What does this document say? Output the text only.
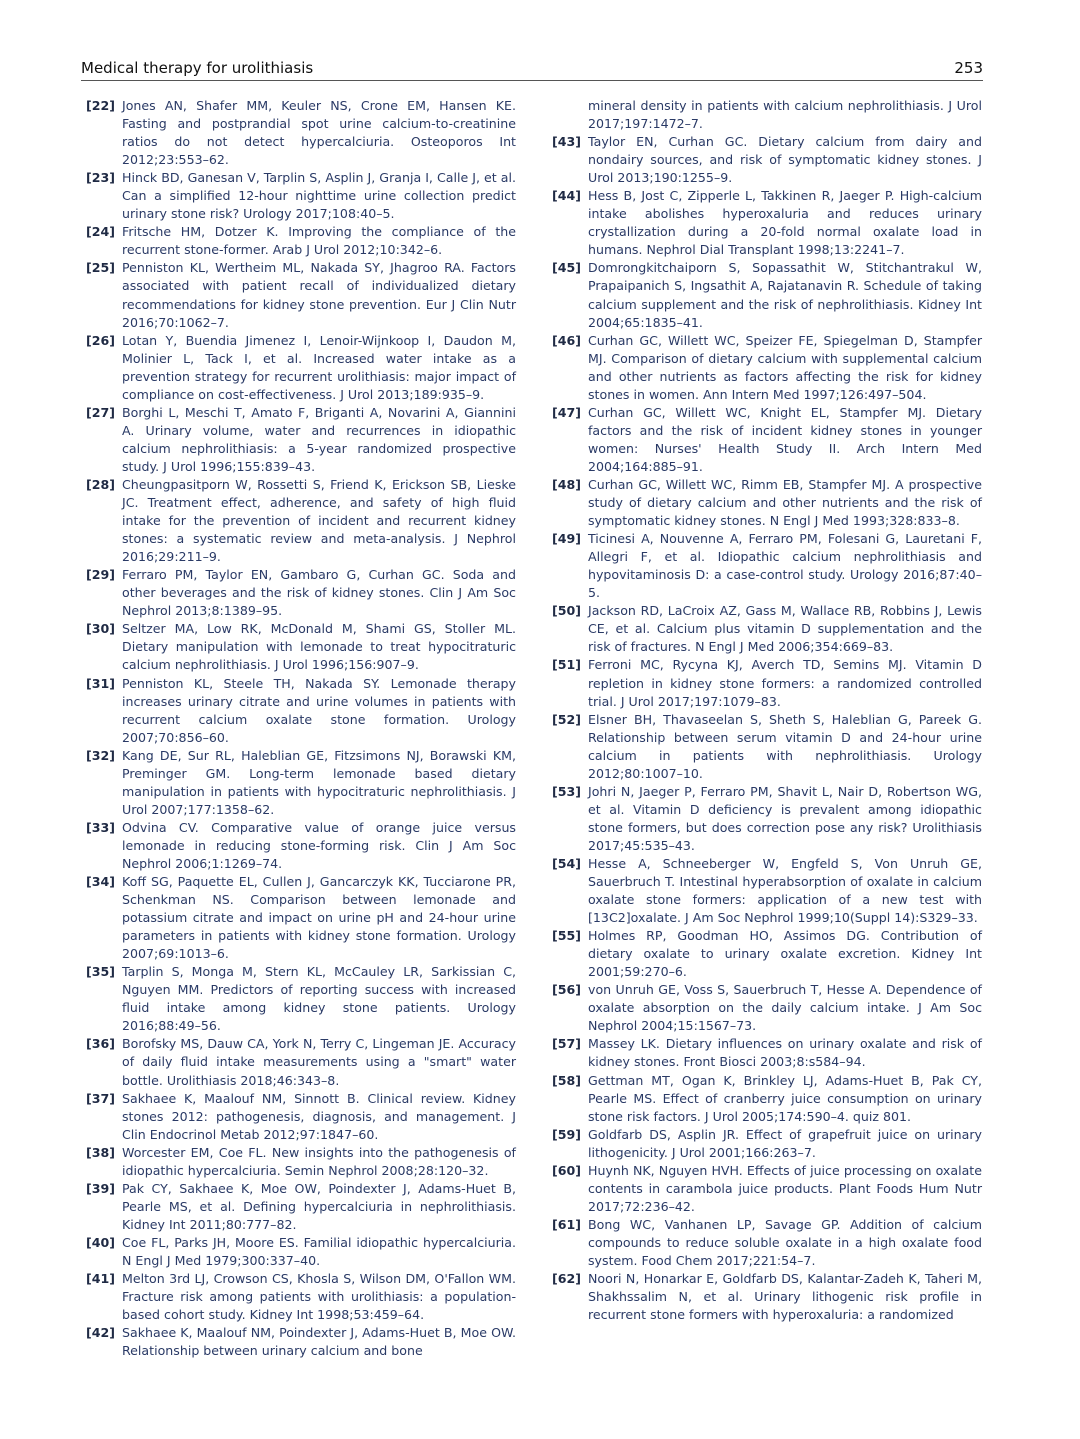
Medical therapy for urolithiasis	253
[22] Jones AN, Shafer MM, Keuler NS, Crone EM, Hansen KE. Fasting and postprandial spot urine calcium-to-creatinine ratios do not detect hypercalciuria. Osteoporos Int 2012;23:553–62.
[23] Hinck BD, Ganesan V, Tarplin S, Asplin J, Granja I, Calle J, et al. Can a simplified 12-hour nighttime urine collection predict urinary stone risk? Urology 2017;108:40–5.
[24] Fritsche HM, Dotzer K. Improving the compliance of the recurrent stone-former. Arab J Urol 2012;10:342–6.
[25] Penniston KL, Wertheim ML, Nakada SY, Jhagroo RA. Factors associated with patient recall of individualized dietary recommendations for kidney stone prevention. Eur J Clin Nutr 2016;70:1062–7.
[26] Lotan Y, Buendia Jimenez I, Lenoir-Wijnkoop I, Daudon M, Molinier L, Tack I, et al. Increased water intake as a prevention strategy for recurrent urolithiasis: major impact of compliance on cost-effectiveness. J Urol 2013;189:935–9.
[27] Borghi L, Meschi T, Amato F, Briganti A, Novarini A, Giannini A. Urinary volume, water and recurrences in idiopathic calcium nephrolithiasis: a 5-year randomized prospective study. J Urol 1996;155:839–43.
[28] Cheungpasitporn W, Rossetti S, Friend K, Erickson SB, Lieske JC. Treatment effect, adherence, and safety of high fluid intake for the prevention of incident and recurrent kidney stones: a systematic review and meta-analysis. J Nephrol 2016;29:211–9.
[29] Ferraro PM, Taylor EN, Gambaro G, Curhan GC. Soda and other beverages and the risk of kidney stones. Clin J Am Soc Nephrol 2013;8:1389–95.
[30] Seltzer MA, Low RK, McDonald M, Shami GS, Stoller ML. Dietary manipulation with lemonade to treat hypocitraturic calcium nephrolithiasis. J Urol 1996;156:907–9.
[31] Penniston KL, Steele TH, Nakada SY. Lemonade therapy increases urinary citrate and urine volumes in patients with recurrent calcium oxalate stone formation. Urology 2007;70:856–60.
[32] Kang DE, Sur RL, Haleblian GE, Fitzsimons NJ, Borawski KM, Preminger GM. Long-term lemonade based dietary manipulation in patients with hypocitraturic nephrolithiasis. J Urol 2007;177:1358–62.
[33] Odvina CV. Comparative value of orange juice versus lemonade in reducing stone-forming risk. Clin J Am Soc Nephrol 2006;1:1269–74.
[34] Koff SG, Paquette EL, Cullen J, Gancarczyk KK, Tucciarone PR, Schenkman NS. Comparison between lemonade and potassium citrate and impact on urine pH and 24-hour urine parameters in patients with kidney stone formation. Urology 2007;69:1013–6.
[35] Tarplin S, Monga M, Stern KL, McCauley LR, Sarkissian C, Nguyen MM. Predictors of reporting success with increased fluid intake among kidney stone patients. Urology 2016;88:49–56.
[36] Borofsky MS, Dauw CA, York N, Terry C, Lingeman JE. Accuracy of daily fluid intake measurements using a "smart" water bottle. Urolithiasis 2018;46:343–8.
[37] Sakhaee K, Maalouf NM, Sinnott B. Clinical review. Kidney stones 2012: pathogenesis, diagnosis, and management. J Clin Endocrinol Metab 2012;97:1847–60.
[38] Worcester EM, Coe FL. New insights into the pathogenesis of idiopathic hypercalciuria. Semin Nephrol 2008;28:120–32.
[39] Pak CY, Sakhaee K, Moe OW, Poindexter J, Adams-Huet B, Pearle MS, et al. Defining hypercalciuria in nephrolithiasis. Kidney Int 2011;80:777–82.
[40] Coe FL, Parks JH, Moore ES. Familial idiopathic hypercalciuria. N Engl J Med 1979;300:337–40.
[41] Melton 3rd LJ, Crowson CS, Khosla S, Wilson DM, O'Fallon WM. Fracture risk among patients with urolithiasis: a population-based cohort study. Kidney Int 1998;53:459–64.
[42] Sakhaee K, Maalouf NM, Poindexter J, Adams-Huet B, Moe OW. Relationship between urinary calcium and bone
mineral density in patients with calcium nephrolithiasis. J Urol 2017;197:1472–7.
[43] Taylor EN, Curhan GC. Dietary calcium from dairy and nondairy sources, and risk of symptomatic kidney stones. J Urol 2013;190:1255–9.
[44] Hess B, Jost C, Zipperle L, Takkinen R, Jaeger P. High-calcium intake abolishes hyperoxaluria and reduces urinary crystallization during a 20-fold normal oxalate load in humans. Nephrol Dial Transplant 1998;13:2241–7.
[45] Domrongkitchaiporn S, Sopassathit W, Stitchantrakul W, Prapaipanich S, Ingsathit A, Rajatanavin R. Schedule of taking calcium supplement and the risk of nephrolithiasis. Kidney Int 2004;65:1835–41.
[46] Curhan GC, Willett WC, Speizer FE, Spiegelman D, Stampfer MJ. Comparison of dietary calcium with supplemental calcium and other nutrients as factors affecting the risk for kidney stones in women. Ann Intern Med 1997;126:497–504.
[47] Curhan GC, Willett WC, Knight EL, Stampfer MJ. Dietary factors and the risk of incident kidney stones in younger women: Nurses' Health Study II. Arch Intern Med 2004;164:885–91.
[48] Curhan GC, Willett WC, Rimm EB, Stampfer MJ. A prospective study of dietary calcium and other nutrients and the risk of symptomatic kidney stones. N Engl J Med 1993;328:833–8.
[49] Ticinesi A, Nouvenne A, Ferraro PM, Folesani G, Lauretani F, Allegri F, et al. Idiopathic calcium nephrolithiasis and hypovitaminosis D: a case-control study. Urology 2016;87:40–5.
[50] Jackson RD, LaCroix AZ, Gass M, Wallace RB, Robbins J, Lewis CE, et al. Calcium plus vitamin D supplementation and the risk of fractures. N Engl J Med 2006;354:669–83.
[51] Ferroni MC, Rycyna KJ, Averch TD, Semins MJ. Vitamin D repletion in kidney stone formers: a randomized controlled trial. J Urol 2017;197:1079–83.
[52] Elsner BH, Thavaseelan S, Sheth S, Haleblian G, Pareek G. Relationship between serum vitamin D and 24-hour urine calcium in patients with nephrolithiasis. Urology 2012;80:1007–10.
[53] Johri N, Jaeger P, Ferraro PM, Shavit L, Nair D, Robertson WG, et al. Vitamin D deficiency is prevalent among idiopathic stone formers, but does correction pose any risk? Urolithiasis 2017;45:535–43.
[54] Hesse A, Schneeberger W, Engfeld S, Von Unruh GE, Sauerbruch T. Intestinal hyperabsorption of oxalate in calcium oxalate stone formers: application of a new test with [13C2]oxalate. J Am Soc Nephrol 1999;10(Suppl 14):S329–33.
[55] Holmes RP, Goodman HO, Assimos DG. Contribution of dietary oxalate to urinary oxalate excretion. Kidney Int 2001;59:270–6.
[56] von Unruh GE, Voss S, Sauerbruch T, Hesse A. Dependence of oxalate absorption on the daily calcium intake. J Am Soc Nephrol 2004;15:1567–73.
[57] Massey LK. Dietary influences on urinary oxalate and risk of kidney stones. Front Biosci 2003;8:s584–94.
[58] Gettman MT, Ogan K, Brinkley LJ, Adams-Huet B, Pak CY, Pearle MS. Effect of cranberry juice consumption on urinary stone risk factors. J Urol 2005;174:590–4. quiz 801.
[59] Goldfarb DS, Asplin JR. Effect of grapefruit juice on urinary lithogenicity. J Urol 2001;166:263–7.
[60] Huynh NK, Nguyen HVH. Effects of juice processing on oxalate contents in carambola juice products. Plant Foods Hum Nutr 2017;72:236–42.
[61] Bong WC, Vanhanen LP, Savage GP. Addition of calcium compounds to reduce soluble oxalate in a high oxalate food system. Food Chem 2017;221:54–7.
[62] Noori N, Honarkar E, Goldfarb DS, Kalantar-Zadeh K, Taheri M, Shakhssalim N, et al. Urinary lithogenic risk profile in recurrent stone formers with hyperoxaluria: a randomized
